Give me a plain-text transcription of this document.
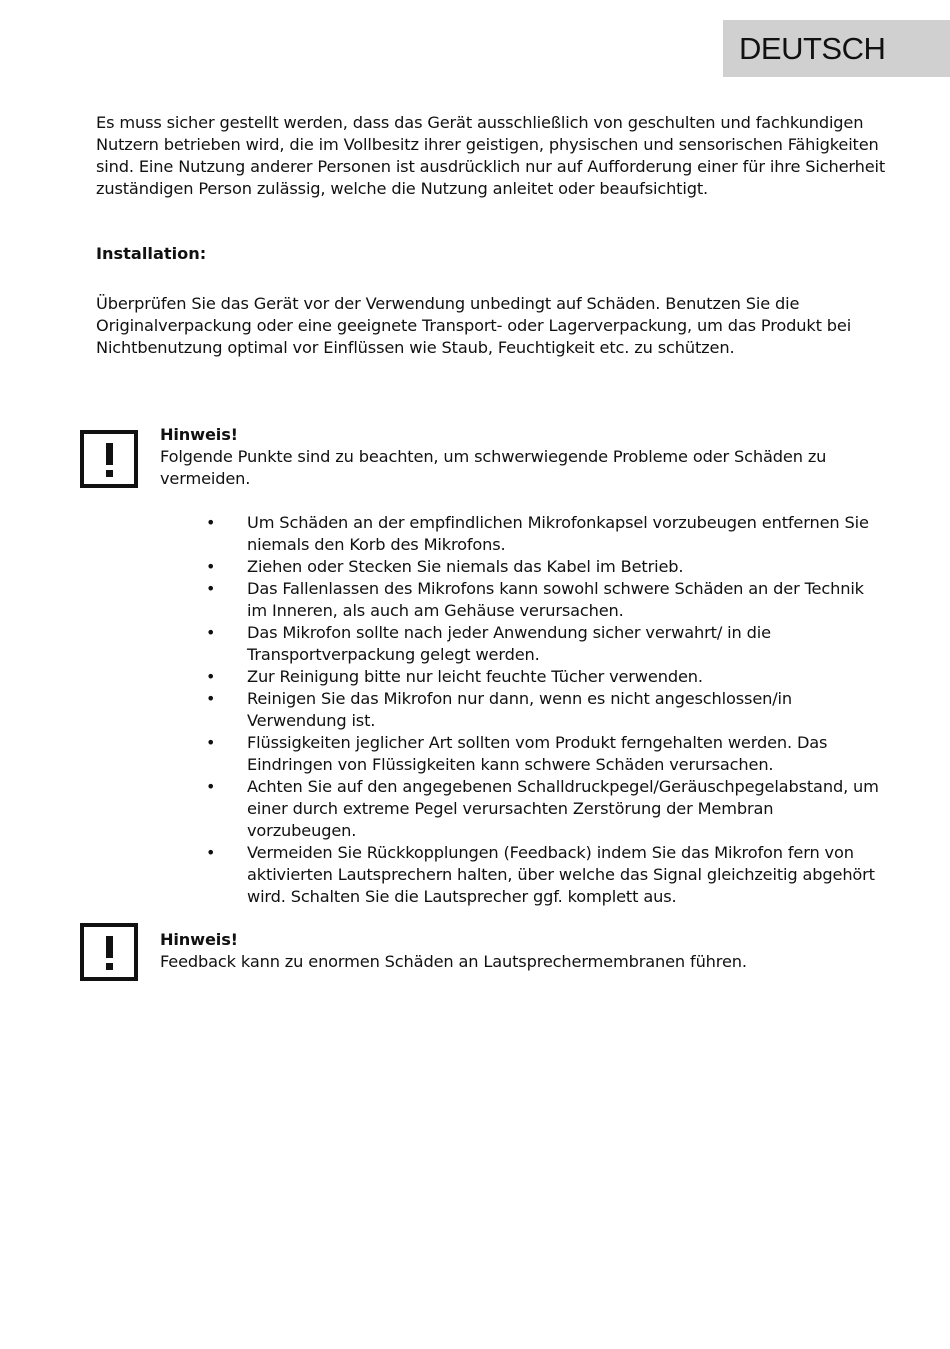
DEUTSCH

Es muss sicher gestellt werden, dass das Gerät ausschließlich von geschulten und fachkundigen Nutzern betrieben wird, die im Vollbesitz ihrer geistigen, physischen und sensorischen Fähigkeiten sind. Eine Nutzung anderer Personen ist ausdrücklich nur auf Aufforderung einer für ihre Sicherheit zuständigen Person zulässig, welche die Nutzung anleitet oder beaufsichtigt.

Installation:

Überprüfen Sie das Gerät vor der Verwendung unbedingt auf Schäden. Benutzen Sie die Originalverpackung oder eine geeignete Transport- oder Lagerverpackung, um das Produkt bei Nichtbenutzung optimal vor Einflüssen wie Staub, Feuchtigkeit etc. zu schützen.

Hinweis!
Folgende Punkte sind zu beachten, um schwerwiegende Probleme oder Schäden zu vermeiden.
• Um Schäden an der empfindlichen Mikrofonkapsel vorzubeugen entfernen Sie niemals den Korb des Mikrofons.
• Ziehen oder Stecken Sie niemals das Kabel im Betrieb.
• Das Fallenlassen des Mikrofons kann sowohl schwere Schäden an der Technik im Inneren, als auch am Gehäuse verursachen.
• Das Mikrofon sollte nach jeder Anwendung sicher verwahrt/ in die Transportverpackung gelegt werden.
• Zur Reinigung bitte nur leicht feuchte Tücher verwenden.
• Reinigen Sie das Mikrofon nur dann, wenn es nicht angeschlossen/in Verwendung ist.
• Flüssigkeiten jeglicher Art sollten vom Produkt ferngehalten werden. Das Eindringen von Flüssigkeiten kann schwere Schäden verursachen.
• Achten Sie auf den angegebenen Schalldruckpegel/Geräuschpegelabstand, um einer durch extreme Pegel verursachten Zerstörung der Membran vorzubeugen.
• Vermeiden Sie Rückkopplungen (Feedback) indem Sie das Mikrofon fern von aktivierten Lautsprechern halten, über welche das Signal gleichzeitig abgehört wird. Schalten Sie die Lautsprecher ggf. komplett aus.
Hinweis!
Feedback kann zu enormen Schäden an Lautsprechermembranen führen.
